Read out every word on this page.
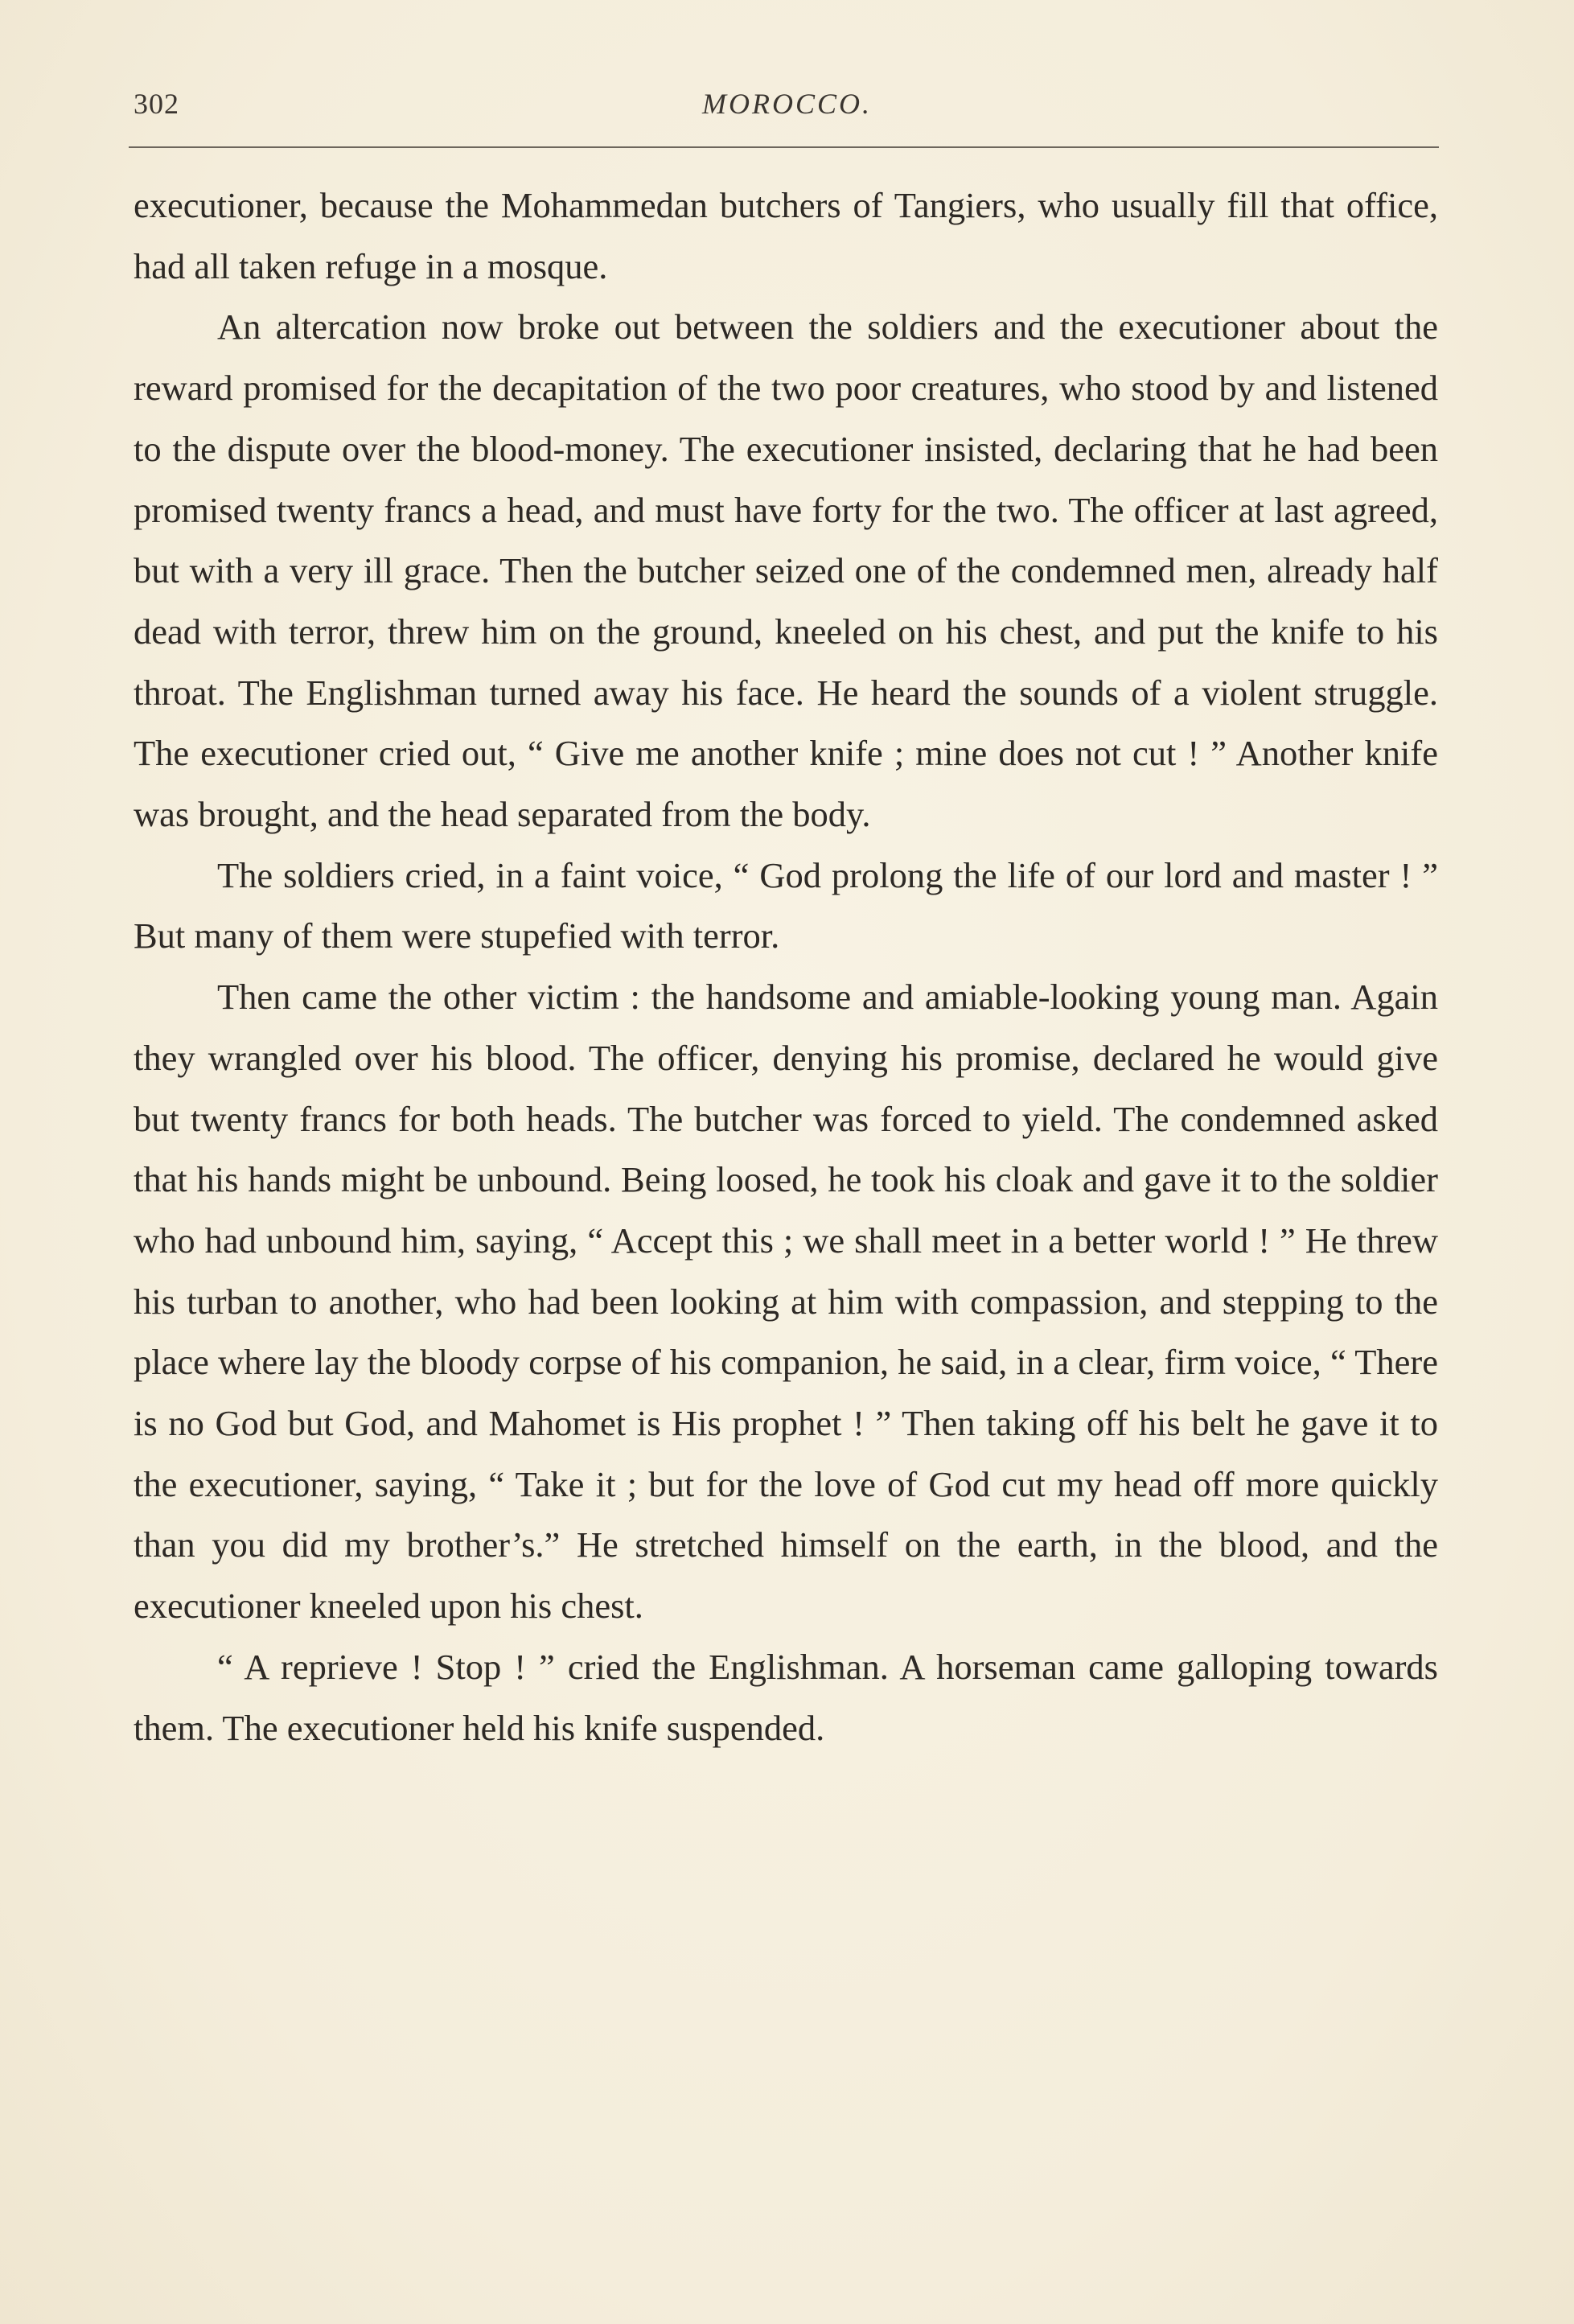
302	MOROCCO.

executioner, because the Mohammedan butchers of Tangiers, who usually fill that office, had all taken refuge in a mosque.

An altercation now broke out between the soldiers and the executioner about the reward promised for the decapitation of the two poor creatures, who stood by and listened to the dispute over the blood-money. The executioner insisted, declaring that he had been promised twenty francs a head, and must have forty for the two. The officer at last agreed, but with a very ill grace. Then the butcher seized one of the condemned men, already half dead with terror, threw him on the ground, kneeled on his chest, and put the knife to his throat. The Englishman turned away his face. He heard the sounds of a violent struggle. The executioner cried out, “ Give me another knife ; mine does not cut ! ” Another knife was brought, and the head separated from the body.

The soldiers cried, in a faint voice, “ God prolong the life of our lord and master ! ” But many of them were stupefied with terror.

Then came the other victim : the handsome and amiable-looking young man. Again they wrangled over his blood. The officer, denying his promise, declared he would give but twenty francs for both heads. The butcher was forced to yield. The condemned asked that his hands might be unbound. Being loosed, he took his cloak and gave it to the soldier who had unbound him, saying, “ Accept this ; we shall meet in a better world ! ” He threw his turban to another, who had been looking at him with compassion, and stepping to the place where lay the bloody corpse of his companion, he said, in a clear, firm voice, “ There is no God but God, and Mahomet is His prophet ! ” Then taking off his belt he gave it to the executioner, saying, “ Take it ; but for the love of God cut my head off more quickly than you did my brother’s.” He stretched himself on the earth, in the blood, and the executioner kneeled upon his chest.

“ A reprieve ! Stop ! ” cried the Englishman. A horseman came galloping towards them. The executioner held his knife suspended.
